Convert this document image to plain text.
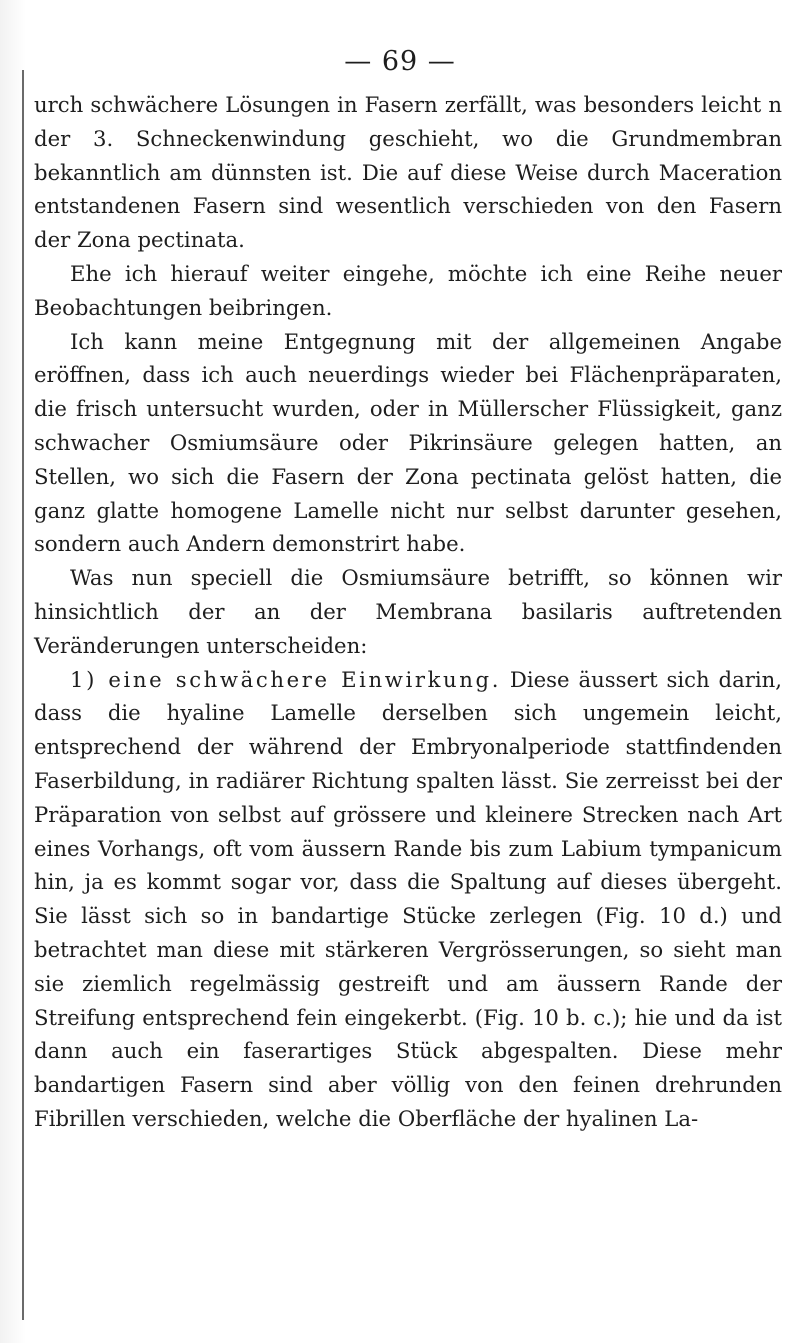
— 69 —

urch schwächere Lösungen in Fasern zerfällt, was besonders leicht n der 3. Schneckenwindung geschieht, wo die Grundmembran bekanntlich am dünnsten ist. Die auf diese Weise durch Maceration entstandenen Fasern sind wesentlich verschieden von den Fasern der Zona pectinata.

Ehe ich hierauf weiter eingehe, möchte ich eine Reihe neuer Beobachtungen beibringen.

Ich kann meine Entgegnung mit der allgemeinen Angabe eröffnen, dass ich auch neuerdings wieder bei Flächenpräparaten, die frisch untersucht wurden, oder in Müllerscher Flüssigkeit, ganz schwacher Osmiumsäure oder Pikrinsäure gelegen hatten, an Stellen, wo sich die Fasern der Zona pectinata gelöst hatten, die ganz glatte homogene Lamelle nicht nur selbst darunter gesehen, sondern auch Andern demonstrirt habe.

Was nun speciell die Osmiumsäure betrifft, so können wir hinsichtlich der an der Membrana basilaris auftretenden Veränderungen unterscheiden:

1) eine schwächere Einwirkung. Diese äussert sich darin, dass die hyaline Lamelle derselben sich ungemein leicht, entsprechend der während der Embryonalperiode stattfindenden Faserbildung, in radiärer Richtung spalten lässt. Sie zerreisst bei der Präparation von selbst auf grössere und kleinere Strecken nach Art eines Vorhangs, oft vom äussern Rande bis zum Labium tympanicum hin, ja es kommt sogar vor, dass die Spaltung auf dieses übergeht. Sie lässt sich so in bandartige Stücke zerlegen (Fig. 10 d.) und betrachtet man diese mit stärkeren Vergrösserungen, so sieht man sie ziemlich regelmässig gestreift und am äussern Rande der Streifung entsprechend fein eingekerbt. (Fig. 10 b. c.); hie und da ist dann auch ein faserartiges Stück abgespalten. Diese mehr bandartigen Fasern sind aber völlig von den feinen drehrunden Fibrillen verschieden, welche die Oberfläche der hyalinen La-
